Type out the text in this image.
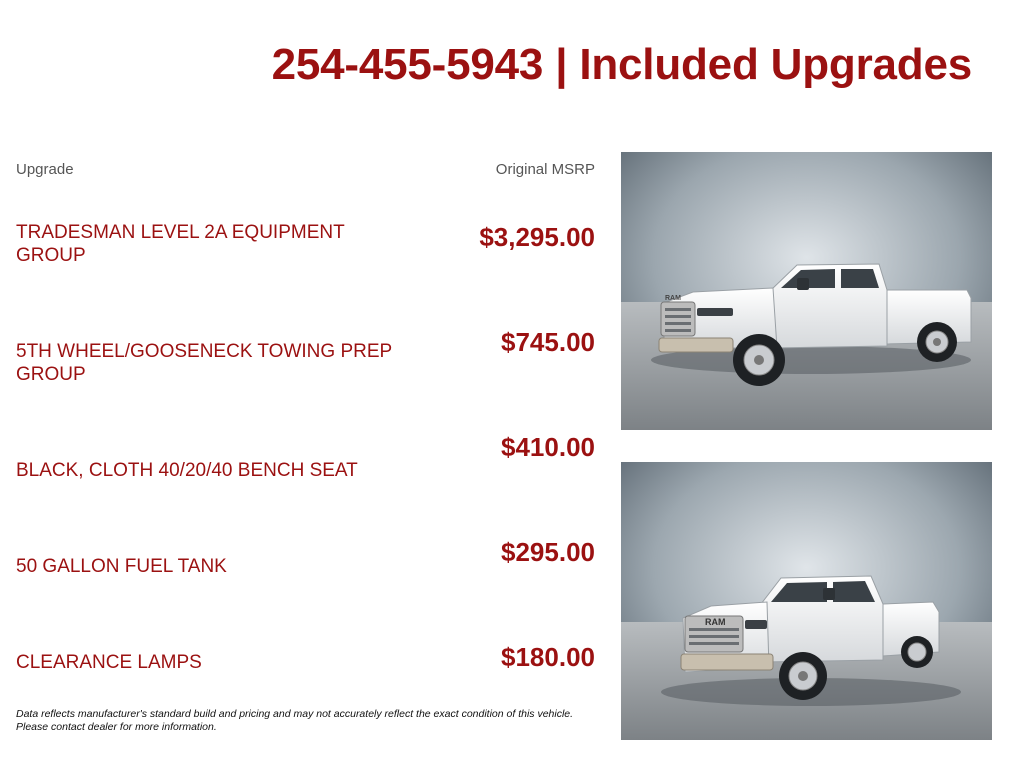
254-455-5943 | Included Upgrades
Upgrade	Original MSRP
TRADESMAN LEVEL 2A EQUIPMENT GROUP
$3,295.00
5TH WHEEL/GOOSENECK TOWING PREP GROUP
$745.00
BLACK, CLOTH 40/20/40 BENCH SEAT
$410.00
50 GALLON FUEL TANK	$295.00
CLEARANCE LAMPS	$180.00
Data reflects manufacturer's standard build and pricing and may not accurately reflect the exact condition of this vehicle. Please contact dealer for more information.
RAM
RAM
